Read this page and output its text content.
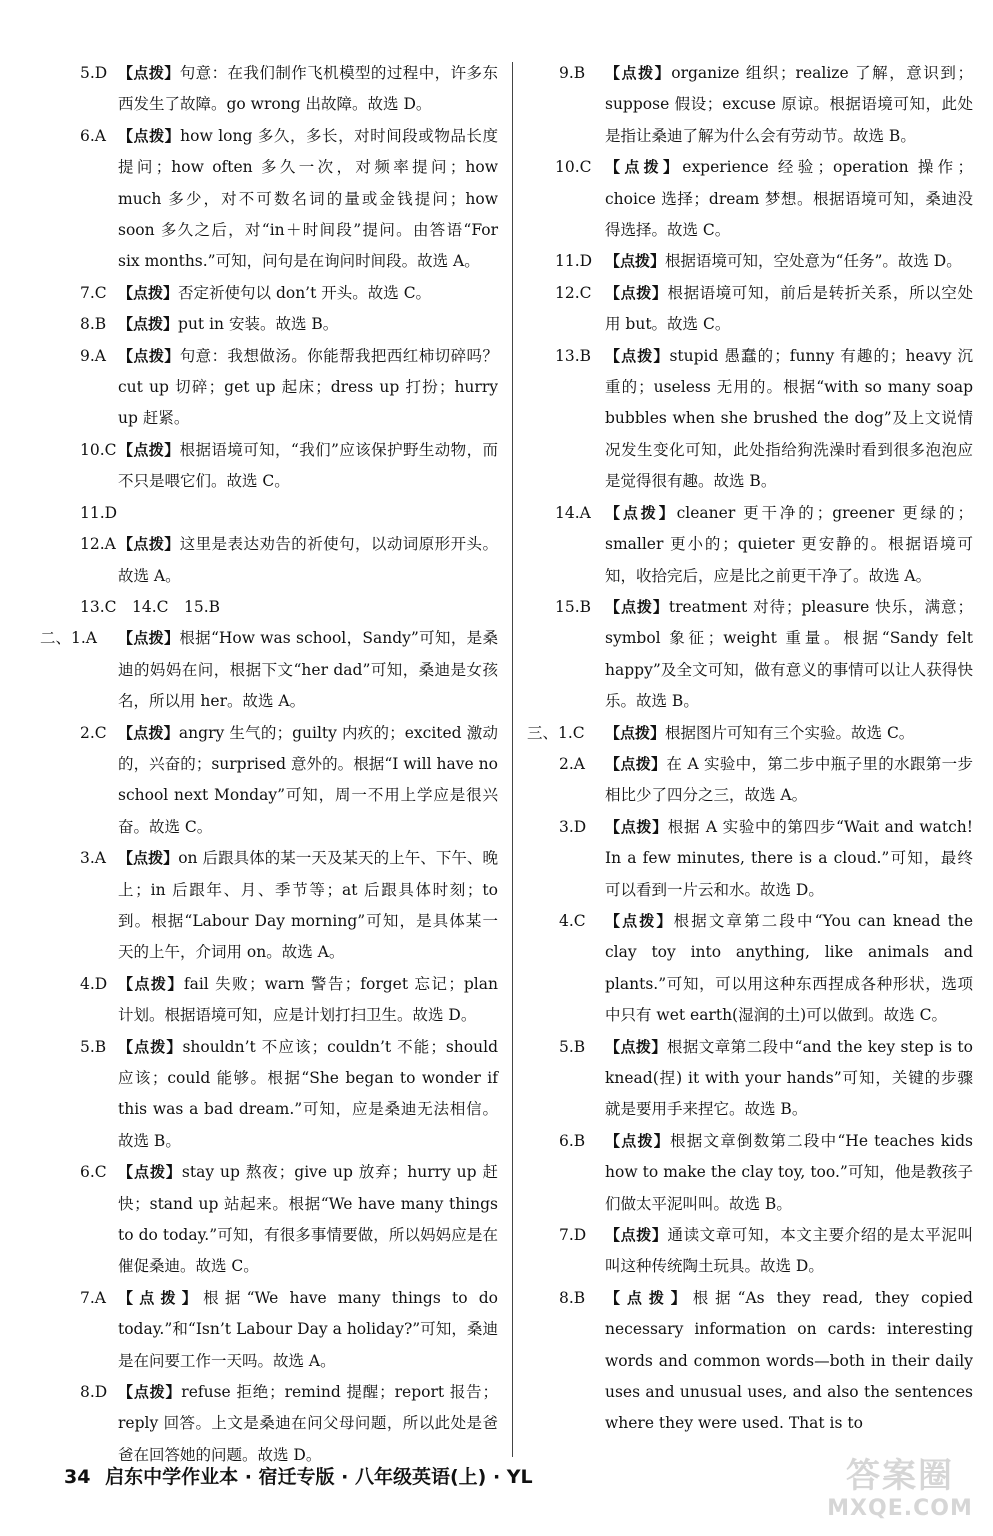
5.D 【点拨】句意：在我们制作飞机模型的过程中，许多东西发生了故障。go wrong 出故障。故选 D。

6.A 【点拨】how long 多久，多长，对时间段或物品长度提问；how often 多久一次，对频率提问；how much 多少，对不可数名词的量或金钱提问；how soon 多久之后，对“in＋时间段”提问。由答语“For six months.”可知，问句是在询问时间段。故选 A。

7.C 【点拨】否定祈使句以 don’t 开头。故选 C。

8.B 【点拨】put in 安装。故选 B。

9.A 【点拨】句意：我想做汤。你能帮我把西红柿切碎吗？cut up 切碎；get up 起床；dress up 打扮；hurry up 赶紧。

10.C 【点拨】根据语境可知，“我们”应该保护野生动物，而不只是喂它们。故选 C。

11.D

12.A 【点拨】这里是表达劝告的祈使句，以动词原形开头。故选 A。

13.C　14.C　15.B

二、1.A 【点拨】根据“How was school，Sandy”可知，是桑迪的妈妈在问，根据下文“her dad”可知，桑迪是女孩名，所以用 her。故选 A。

2.C 【点拨】angry 生气的；guilty 内疚的；excited 激动的，兴奋的；surprised 意外的。根据“I will have no school next Monday”可知，周一不用上学应是很兴奋。故选 C。

3.A 【点拨】on 后跟具体的某一天及某天的上午、下午、晚上；in 后跟年、月、季节等；at 后跟具体时刻；to 到。根据“Labour Day morning”可知，是具体某一天的上午，介词用 on。故选 A。

4.D 【点拨】fail 失败；warn 警告；forget 忘记；plan 计划。根据语境可知，应是计划打扫卫生。故选 D。

5.B 【点拨】shouldn’t 不应该；couldn’t 不能；should 应该；could 能够。根据“She began to wonder if this was a bad dream.”可知，应是桑迪无法相信。故选 B。

6.C 【点拨】stay up 熬夜；give up 放弃；hurry up 赶快；stand up 站起来。根据“We have many things to do today.”可知，有很多事情要做，所以妈妈应是在催促桑迪。故选 C。

7.A 【点拨】根据“We have many things to do today.”和“Isn’t Labour Day a holiday?”可知，桑迪是在问要工作一天吗。故选 A。

8.D 【点拨】refuse 拒绝；remind 提醒；report 报告；reply 回答。上文是桑迪在问父母问题，所以此处是爸爸在回答她的问题。故选 D。

9.B 【点拨】organize 组织；realize 了解，意识到；suppose 假设；excuse 原谅。根据语境可知，此处是指让桑迪了解为什么会有劳动节。故选 B。

10.C 【点拨】experience 经验；operation 操作；choice 选择；dream 梦想。根据语境可知，桑迪没得选择。故选 C。

11.D 【点拨】根据语境可知，空处意为“任务”。故选 D。

12.C 【点拨】根据语境可知，前后是转折关系，所以空处用 but。故选 C。

13.B 【点拨】stupid 愚蠢的；funny 有趣的；heavy 沉重的；useless 无用的。根据“with so many soap bubbles when she brushed the dog”及上文说情况发生变化可知，此处指给狗洗澡时看到很多泡泡应是觉得很有趣。故选 B。

14.A 【点拨】cleaner 更干净的；greener 更绿的；smaller 更小的；quieter 更安静的。根据语境可知，收拾完后，应是比之前更干净了。故选 A。

15.B 【点拨】treatment 对待；pleasure 快乐，满意；symbol 象征；weight 重量。根据“Sandy felt happy”及全文可知，做有意义的事情可以让人获得快乐。故选 B。

三、1.C 【点拨】根据图片可知有三个实验。故选 C。

2.A 【点拨】在 A 实验中，第二步中瓶子里的水跟第一步相比少了四分之三，故选 A。

3.D 【点拨】根据 A 实验中的第四步“Wait and watch! In a few minutes, there is a cloud.”可知，最终可以看到一片云和水。故选 D。

4.C 【点拨】根据文章第二段中“You can knead the clay toy into anything, like animals and plants.”可知，可以用这种东西捏成各种形状，选项中只有 wet earth(湿润的土)可以做到。故选 C。

5.B 【点拨】根据文章第二段中“and the key step is to knead(捏) it with your hands”可知，关键的步骤就是要用手来捏它。故选 B。

6.B 【点拨】根据文章倒数第二段中“He teaches kids how to make the clay toy, too.”可知，他是教孩子们做太平泥叫叫。故选 B。

7.D 【点拨】通读文章可知，本文主要介绍的是太平泥叫叫这种传统陶土玩具。故选 D。

8.B 【点拨】根据“As they read, they copied necessary information on cards: interesting words and common words—both in their daily uses and unusual uses, and also the sentences where they were used. That is to

34 启东中学作业本 · 宿迁专版 · 八年级英语(上) · YL	答案圈
MXQE.COM
